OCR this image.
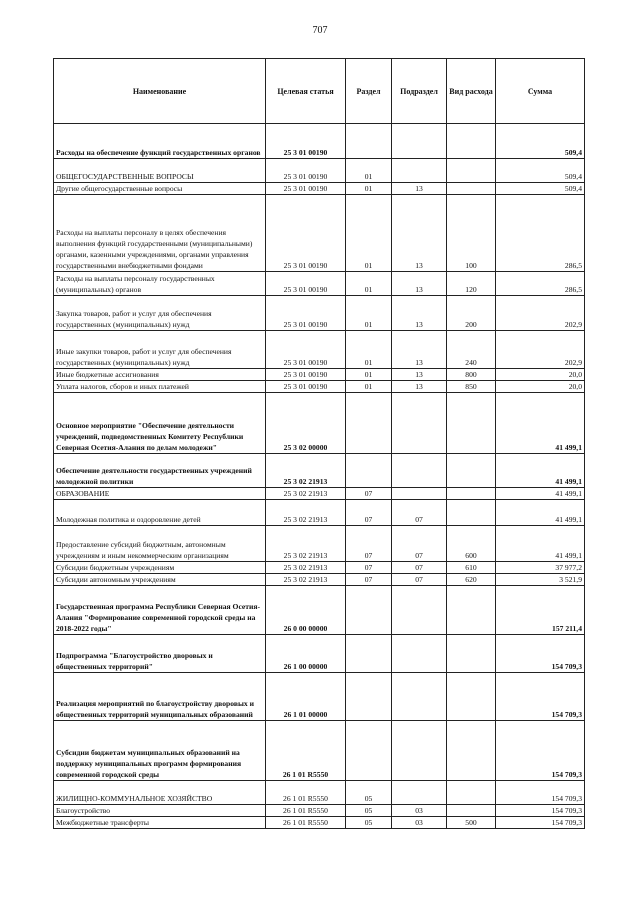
707
Наименование	Целевая статья	Раздел	Подраздел	Вид расхода	Сумма
Расходы на обеспечение функций государственных органов	25 3 01 00190				509,4
ОБЩЕГОСУДАРСТВЕННЫЕ ВОПРОСЫ	25 3 01 00190	01			509,4
Другие общегосударственные вопросы	25 3 01 00190	01	13		509,4
Расходы на выплаты персоналу в целях обеспечения выполнения функций государственными (муниципальными) органами, казенными учреждениями, органами управления государственными внебюджетными фондами	25 3 01 00190	01	13	100	286,5
Расходы на выплаты персоналу государственных (муниципальных) органов	25 3 01 00190	01	13	120	286,5
Закупка товаров, работ и услуг для обеспечения государственных (муниципальных) нужд	25 3 01 00190	01	13	200	202,9
Иные закупки товаров, работ и услуг для обеспечения государственных (муниципальных) нужд	25 3 01 00190	01	13	240	202,9
Иные бюджетные ассигнования	25 3 01 00190	01	13	800	20,0
Уплата налогов, сборов и иных платежей	25 3 01 00190	01	13	850	20,0
Основное мероприятие "Обеспечение деятельности учреждений, подведомственных Комитету Республики Северная Осетия-Алания по делам молодежи"	25 3 02 00000				41 499,1
Обеспечение деятельности государственных учреждений молодежной политики	25 3 02 21913				41 499,1
ОБРАЗОВАНИЕ	25 3 02 21913	07			41 499,1
Молодежная политика и оздоровление детей	25 3 02 21913	07	07		41 499,1
Предоставление субсидий бюджетным, автономным учреждениям и иным некоммерческим организациям	25 3 02 21913	07	07	600	41 499,1
Субсидии бюджетным учреждениям	25 3 02 21913	07	07	610	37 977,2
Субсидии автономным учреждениям	25 3 02 21913	07	07	620	3 521,9
Государственная программа Республики Северная Осетия-Алания "Формирование современной городской среды на 2018-2022 годы"	26 0 00 00000				157 211,4
Подпрограмма "Благоустройство дворовых и общественных территорий"	26 1 00 00000				154 709,3
Реализация мероприятий по благоустройству дворовых и общественных территорий муниципальных образований	26 1 01 00000				154 709,3
Субсидии бюджетам муниципальных образований на поддержку муниципальных программ формирования современной городской среды	26 1 01 R5550				154 709,3
ЖИЛИЩНО-КОММУНАЛЬНОЕ ХОЗЯЙСТВО	26 1 01 R5550	05			154 709,3
Благоустройство	26 1 01 R5550	05	03		154 709,3
Межбюджетные трансферты	26 1 01 R5550	05	03	500	154 709,3
